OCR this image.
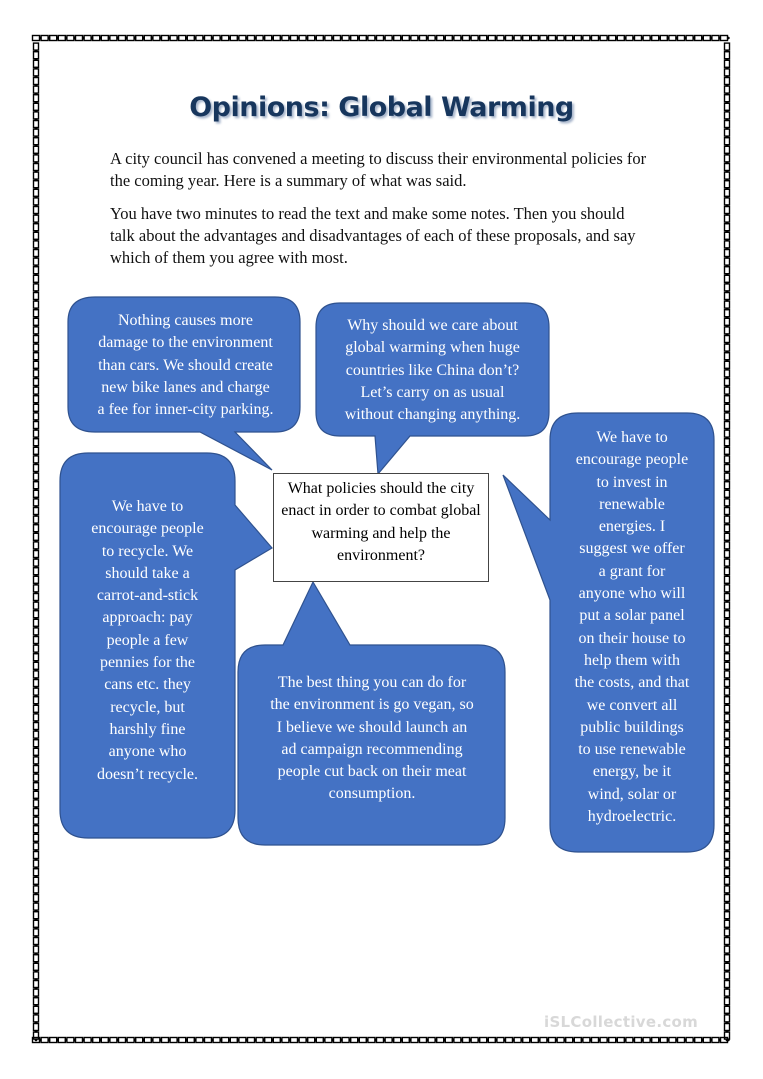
Opinions: Global Warming
A city council has convened a meeting to discuss their environmental policies for the coming year. Here is a summary of what was said.
You have two minutes to read the text and make some notes. Then you should talk about the advantages and disadvantages of each of these proposals, and say which of them you agree with most.
Nothing causes more
damage to the environment
than cars. We should create
new bike lanes and charge
a fee for inner-city parking.
Why should we care about
global warming when huge
countries like China don’t?
Let’s carry on as usual
without changing anything.
We have to
encourage people
to recycle. We
should take a
carrot-and-stick
approach: pay
people a few
pennies for the
cans etc. they
recycle, but
harshly fine
anyone who
doesn’t recycle.
The best thing you can do for
the environment is go vegan, so
I believe we should launch an
ad campaign recommending
people cut back on their meat
consumption.
We have to
encourage people
to invest in
renewable
energies. I
suggest we offer
a grant for
anyone who will
put a solar panel
on their house to
help them with
the costs, and that
we convert all
public buildings
to use renewable
energy, be it
wind, solar or
hydroelectric.
What policies should the city enact in order to combat global warming and help the environment?
iSLCollective.com
